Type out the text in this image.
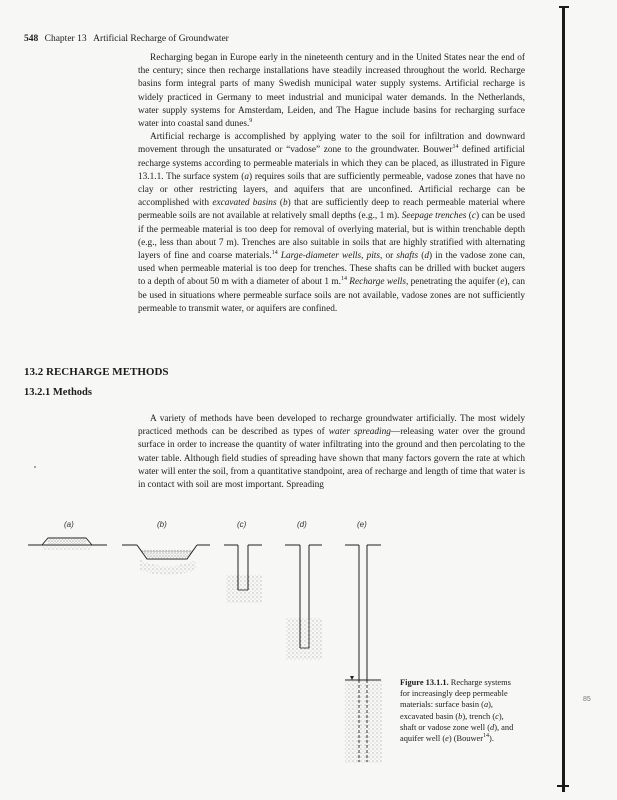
548 Chapter 13   Artificial Recharge of Groundwater

Recharging began in Europe early in the nineteenth century and in the United States near the end of the century; since then recharge installations have steadily increased throughout the world. Recharge basins form integral parts of many Swedish municipal water supply systems. Artificial recharge is widely practiced in Germany to meet industrial and municipal water demands. In the Netherlands, water supply systems for Amsterdam, Leiden, and The Hague include basins for recharging surface water into coastal sand dunes.$^9$

Artificial recharge is accomplished by applying water to the soil for infiltration and downward movement through the unsaturated or “vadose” zone to the groundwater. Bouwer$^{14}$ defined artificial recharge systems according to permeable materials in which they can be placed, as illustrated in Figure 13.1.1. The surface system (a) requires soils that are sufficiently permeable, vadose zones that have no clay or other restricting layers, and aquifers that are unconfined. Artificial recharge can be accomplished with excavated basins (b) that are sufficiently deep to reach permeable material where permeable soils are not available at relatively small depths (e.g., 1 m). Seepage trenches (c) can be used if the permeable material is too deep for removal of overlying material, but is within trenchable depth (e.g., less than about 7 m). Trenches are also suitable in soils that are highly stratified with alternating layers of fine and coarse materials.$^{14}$ Large-diameter wells, pits, or shafts (d) in the vadose zone can, used when permeable material is too deep for trenches. These shafts can be drilled with bucket augers to a depth of about 50 m with a diameter of about 1 m.$^{14}$ Recharge wells, penetrating the aquifer (e), can be used in situations where permeable surface soils are not available, vadose zones are not sufficiently permeable to transmit water, or aquifers are confined.

13.2 RECHARGE METHODS
13.2.1 Methods

A variety of methods have been developed to recharge groundwater artificially. The most widely practiced methods can be described as types of water spreading—releasing water over the ground surface in order to increase the quantity of water infiltrating into the ground and then percolating to the water table. Although field studies of spreading have shown that many factors govern the rate at which water will enter the soil, from a quantitative standpoint, area of recharge and length of time that water is in contact with soil are most important. Spreading

(a)	(b)	(c)	(d)	(e)
Figure 13.1.1. Recharge systems for increasingly deep permeable materials: surface basin (a), excavated basin (b), trench (c), shaft or vadose zone well (d), and aquifer well (e) (Bouwer$^{14}$).
85
